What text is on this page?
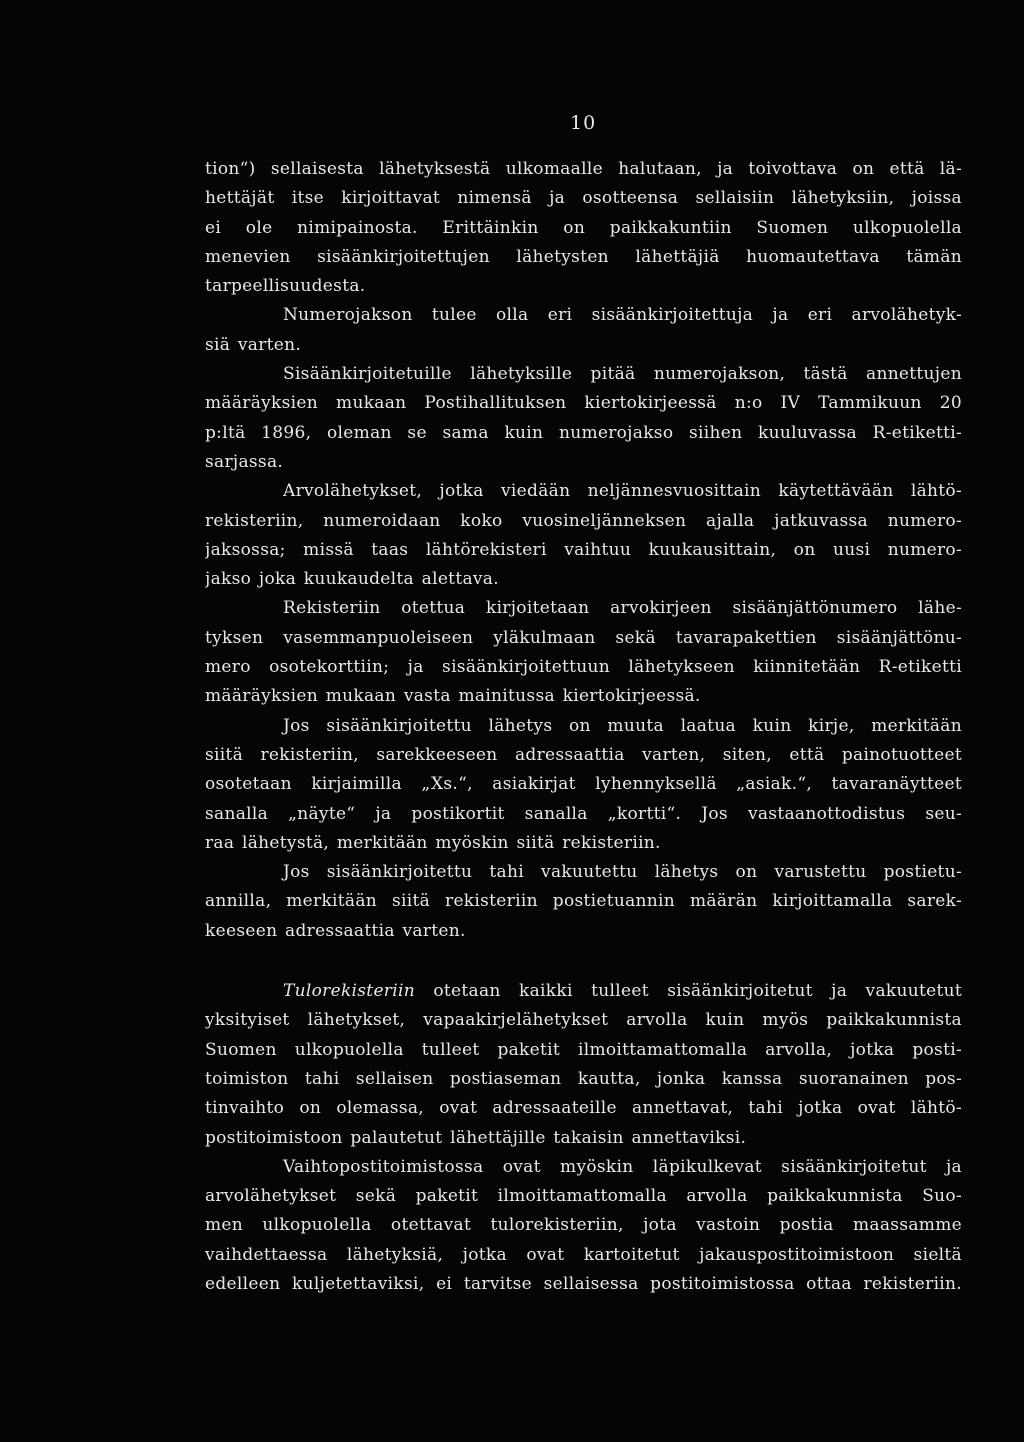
10
tion“) sellaisesta lähetyksestä ulkomaalle halutaan, ja toivottava on että lä-
hettäjät itse kirjoittavat nimensä ja osotteensa sellaisiin lähetyksiin, joissa
ei ole nimipainosta. Erittäinkin on paikkakuntiin Suomen ulkopuolella
menevien sisäänkirjoitettujen lähetysten lähettäjiä huomautettava tämän
tarpeellisuudesta.
Numerojakson tulee olla eri sisäänkirjoitettuja ja eri arvolähetyk-
siä varten.
Sisäänkirjoitetuille lähetyksille pitää numerojakson, tästä annettujen
määräyksien mukaan Postihallituksen kiertokirjeessä n:o IV Tammikuun 20
p:ltä 1896, oleman se sama kuin numerojakso siihen kuuluvassa R-etiketti-
sarjassa.
Arvolähetykset, jotka viedään neljännesvuosittain käytettävään lähtö-
rekisteriin, numeroidaan koko vuosineljänneksen ajalla jatkuvassa numero-
jaksossa; missä taas lähtörekisteri vaihtuu kuukausittain, on uusi numero-
jakso joka kuukaudelta alettava.
Rekisteriin otettua kirjoitetaan arvokirjeen sisäänjättönumero lähe-
tyksen vasemmanpuoleiseen yläkulmaan sekä tavarapakettien sisäänjättönu-
mero osotekorttiin; ja sisäänkirjoitettuun lähetykseen kiinnitetään R-etiketti
määräyksien mukaan vasta mainitussa kiertokirjeessä.
Jos sisäänkirjoitettu lähetys on muuta laatua kuin kirje, merkitään
siitä rekisteriin, sarekkeeseen adressaattia varten, siten, että painotuotteet
osotetaan kirjaimilla „Xs.“, asiakirjat lyhennyksellä „asiak.“, tavaranäytteet
sanalla „näyte“ ja postikortit sanalla „kortti“. Jos vastaanottodistus seu-
raa lähetystä, merkitään myöskin siitä rekisteriin.
Jos sisäänkirjoitettu tahi vakuutettu lähetys on varustettu postietu-
annilla, merkitään siitä rekisteriin postietuannin määrän kirjoittamalla sarek-
keeseen adressaattia varten.
Tulorekisteriin otetaan kaikki tulleet sisäänkirjoitetut ja vakuutetut
yksityiset lähetykset, vapaakirjelähetykset arvolla kuin myös paikkakunnista
Suomen ulkopuolella tulleet paketit ilmoittamattomalla arvolla, jotka posti-
toimiston tahi sellaisen postiaseman kautta, jonka kanssa suoranainen pos-
tinvaihto on olemassa, ovat adressaateille annettavat, tahi jotka ovat lähtö-
postitoimistoon palautetut lähettäjille takaisin annettaviksi.
Vaihtopostitoimistossa ovat myöskin läpikulkevat sisäänkirjoitetut ja
arvolähetykset sekä paketit ilmoittamattomalla arvolla paikkakunnista Suo-
men ulkopuolella otettavat tulorekisteriin, jota vastoin postia maassamme
vaihdettaessa lähetyksiä, jotka ovat kartoitetut jakauspostitoimistoon sieltä
edelleen kuljetettaviksi, ei tarvitse sellaisessa postitoimistossa ottaa rekisteriin.
